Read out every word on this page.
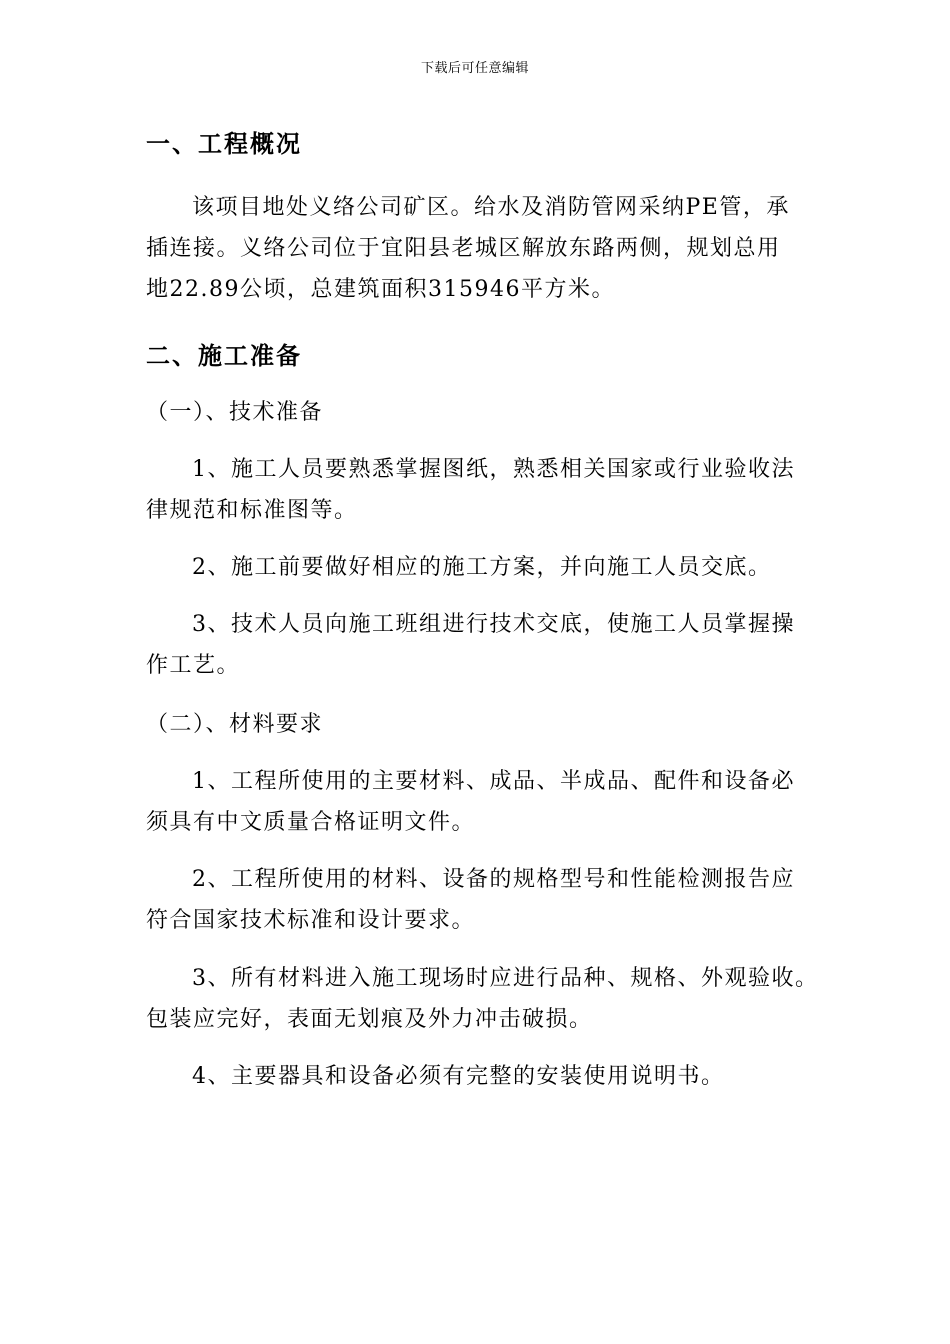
下载后可任意编辑
一、工程概况
该项目地处义络公司矿区。给水及消防管网采纳PE管，承
插连接。义络公司位于宜阳县老城区解放东路两侧，规划总用
地22.89公顷，总建筑面积315946平方米。
二、施工准备
（一）、技术准备
1、施工人员要熟悉掌握图纸，熟悉相关国家或行业验收法
律规范和标准图等。
2、施工前要做好相应的施工方案，并向施工人员交底。
3、技术人员向施工班组进行技术交底，使施工人员掌握操
作工艺。
（二）、材料要求
1、工程所使用的主要材料、成品、半成品、配件和设备必
须具有中文质量合格证明文件。
2、工程所使用的材料、设备的规格型号和性能检测报告应
符合国家技术标准和设计要求。
3、所有材料进入施工现场时应进行品种、规格、外观验收。
包装应完好，表面无划痕及外力冲击破损。
4、主要器具和设备必须有完整的安装使用说明书。
